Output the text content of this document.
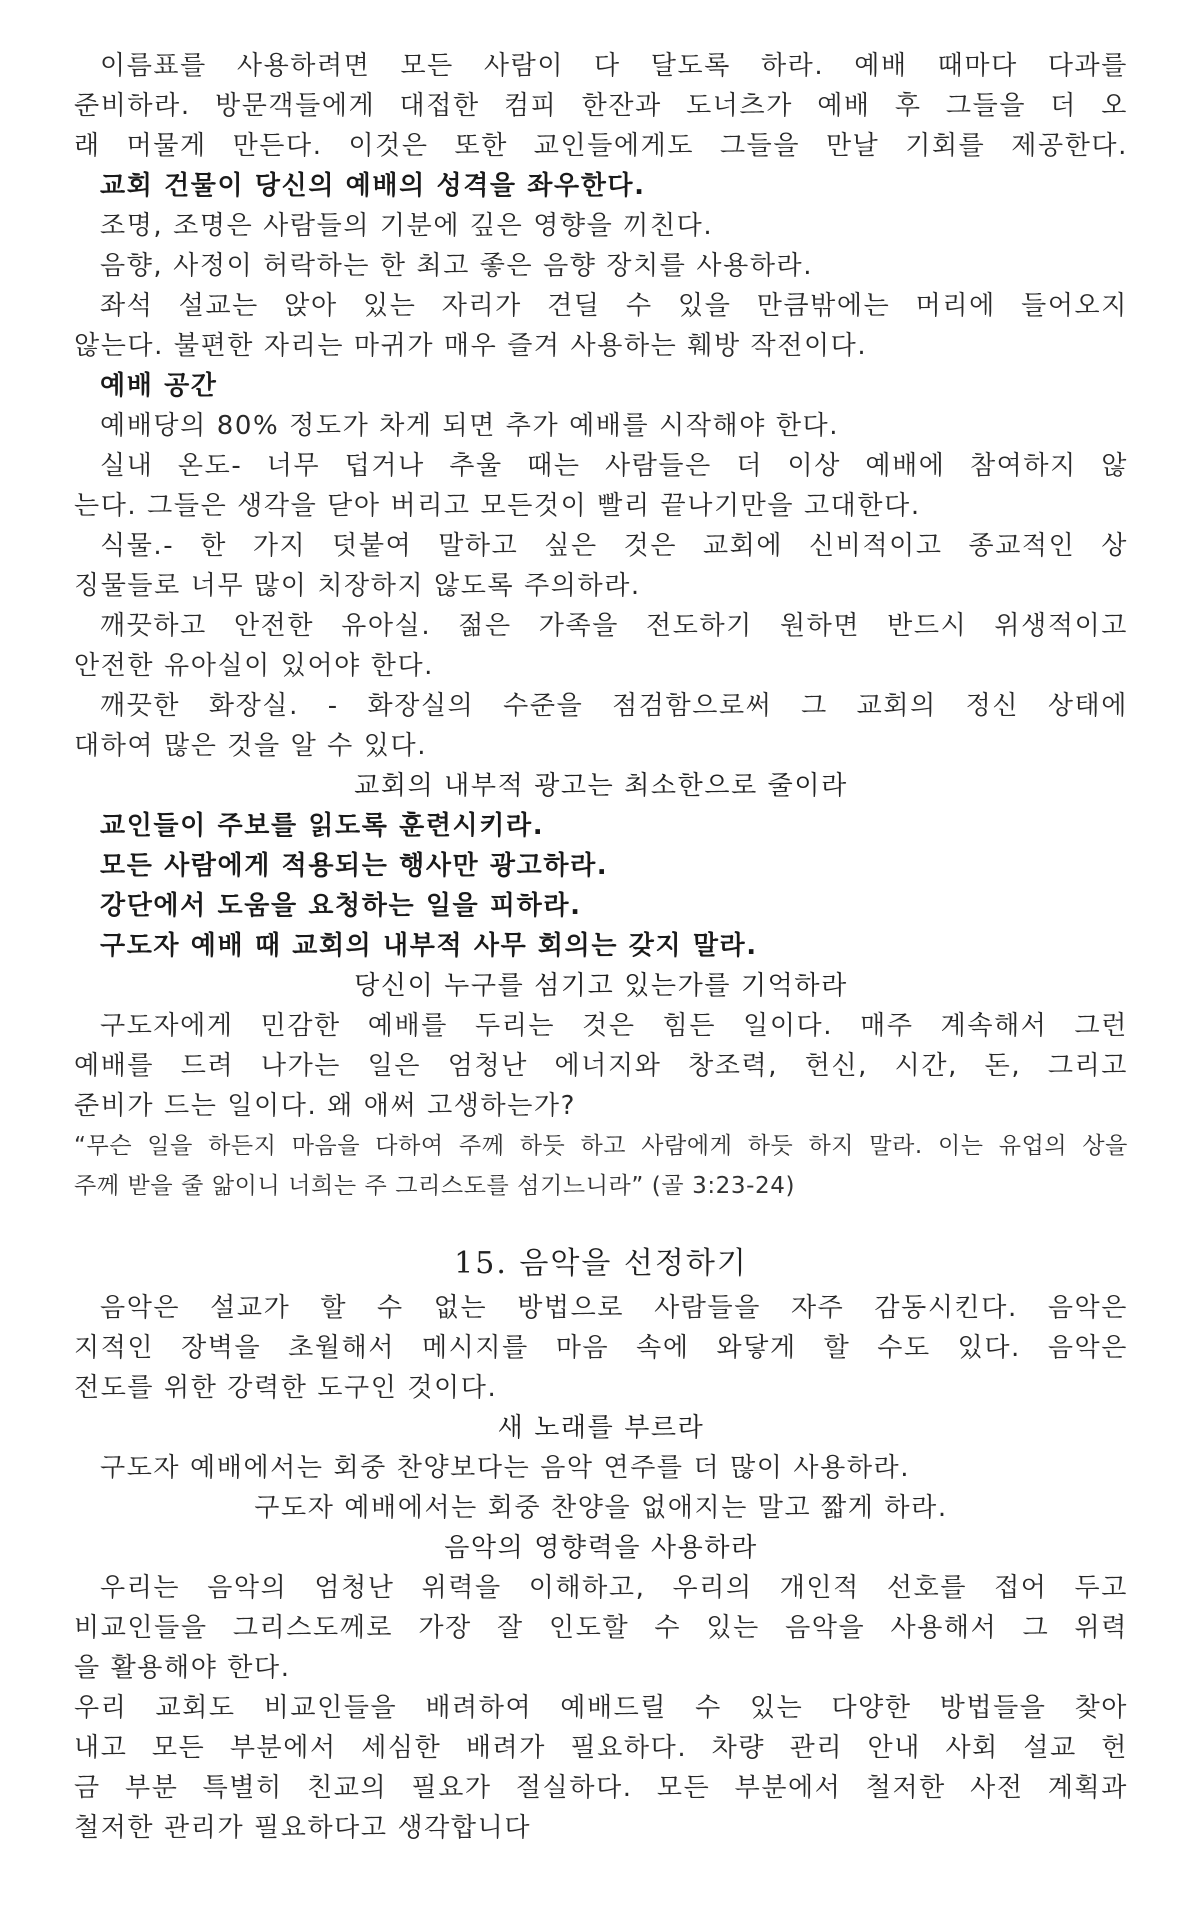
이름표를 사용하려면 모든 사람이 다 달도록 하라. 예배 때마다 다과를
준비하라. 방문객들에게 대접한 컴피 한잔과 도너츠가 예배 후 그들을 더 오
래 머물게 만든다. 이것은 또한 교인들에게도 그들을 만날 기회를 제공한다.
교회 건물이 당신의 예배의 성격을 좌우한다.
조명, 조명은 사람들의 기분에 깊은 영향을 끼친다.
음향, 사정이 허락하는 한 최고 좋은 음향 장치를 사용하라.
좌석 설교는 앉아 있는 자리가 견딜 수 있을 만큼밖에는 머리에 들어오지
않는다. 불편한 자리는 마귀가 매우 즐겨 사용하는 훼방 작전이다.
예배 공간
예배당의 80% 정도가 차게 되면 추가 예배를 시작해야 한다.
실내 온도- 너무 덥거나 추울 때는 사람들은 더 이상 예배에 참여하지 않
는다. 그들은 생각을 닫아 버리고 모든것이 빨리 끝나기만을 고대한다.
식물.- 한 가지 덧붙여 말하고 싶은 것은 교회에 신비적이고 종교적인 상
징물들로 너무 많이 치장하지 않도록 주의하라.
깨끗하고 안전한 유아실. 젊은 가족을 전도하기 원하면 반드시 위생적이고
안전한 유아실이 있어야 한다.
깨끗한 화장실. - 화장실의 수준을 점검함으로써 그 교회의 정신 상태에
대하여 많은 것을 알 수 있다.
교회의 내부적 광고는 최소한으로 줄이라
교인들이 주보를 읽도록 훈련시키라.
모든 사람에게 적용되는 행사만 광고하라.
강단에서 도움을 요청하는 일을 피하라.
구도자 예배 때 교회의 내부적 사무 회의는 갖지 말라.
당신이 누구를 섬기고 있는가를 기억하라
구도자에게 민감한 예배를 두리는 것은 힘든 일이다. 매주 계속해서 그런
예배를 드려 나가는 일은 엄청난 에너지와 창조력, 헌신, 시간, 돈, 그리고
준비가 드는 일이다. 왜 애써 고생하는가?
“무슨 일을 하든지 마음을 다하여 주께 하듯 하고 사람에게 하듯 하지 말라. 이는 유업의 상을
주께 받을 줄 앎이니 너희는 주 그리스도를 섬기느니라” (골 3:23-24)
15. 음악을 선정하기
음악은 설교가 할 수 없는 방법으로 사람들을 자주 감동시킨다. 음악은
지적인 장벽을 초월해서 메시지를 마음 속에 와닿게 할 수도 있다. 음악은
전도를 위한 강력한 도구인 것이다.
새 노래를 부르라
구도자 예배에서는 회중 찬양보다는 음악 연주를 더 많이 사용하라.
구도자 예배에서는 회중 찬양을 없애지는 말고 짧게 하라.
음악의 영향력을 사용하라
우리는 음악의 엄청난 위력을 이해하고, 우리의 개인적 선호를 접어 두고
비교인들을 그리스도께로 가장 잘 인도할 수 있는 음악을 사용해서 그 위력
을 활용해야 한다.
우리 교회도 비교인들을 배려하여 예배드릴 수 있는 다양한 방법들을 찾아
내고 모든 부분에서 세심한 배려가 필요하다. 차량 관리 안내 사회 설교 헌
금 부분 특별히 친교의 필요가 절실하다. 모든 부분에서 철저한 사전 계획과
철저한 관리가 필요하다고 생각합니다
